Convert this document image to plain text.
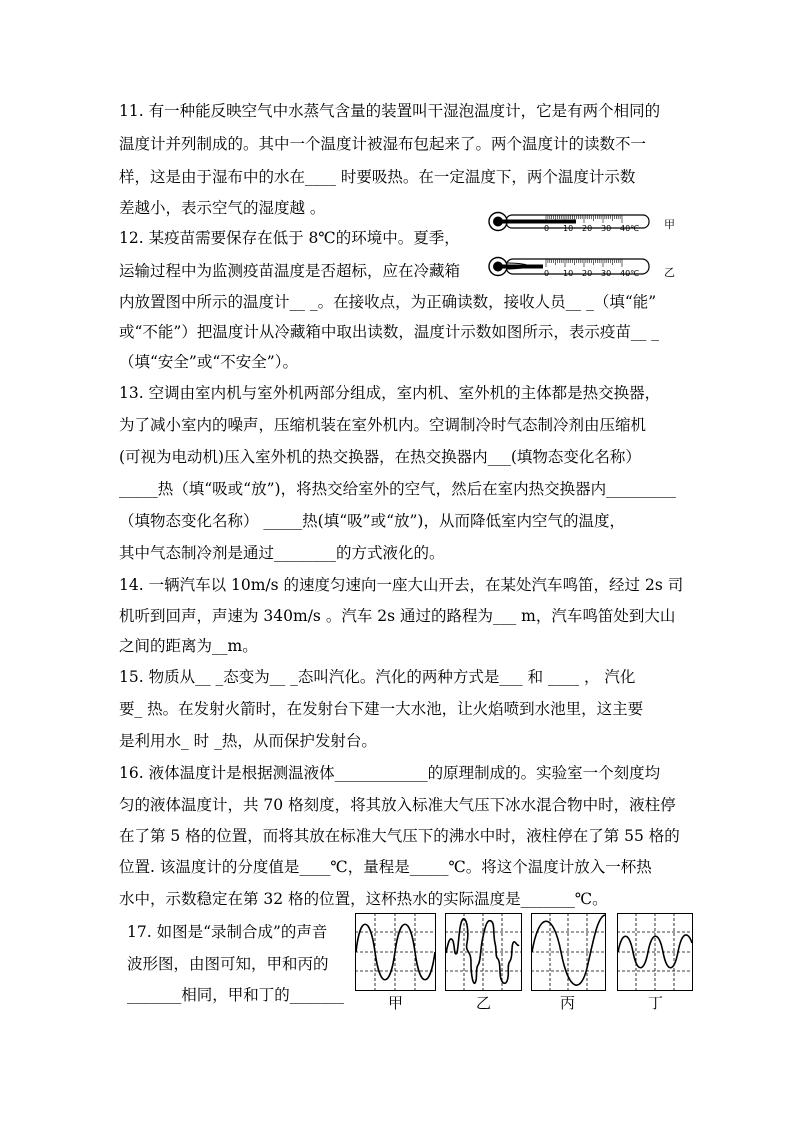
11. 有一种能反映空气中水蒸气含量的装置叫干湿泡温度计，它是有两个相同的
温度计并列制成的。其中一个温度计被湿布包起来了。两个温度计的读数不一
样，这是由于湿布中的水在____ 时要吸热。在一定温度下，两个温度计示数
差越小，表示空气的湿度越 。
12. 某疫苗需要保存在低于 8℃的环境中。夏季，
运输过程中为监测疫苗温度是否超标，应在冷藏箱
内放置图中所示的温度计__ _。在接收点，为正确读数，接收人员__ _（填“能”
或“不能”）把温度计从冷藏箱中取出读数，温度计示数如图所示，表示疫苗__ _
（填“安全”或“不安全”）。
0 10 20 30 40℃ 甲
0 10 20 30 40℃ 乙
13. 空调由室内机与室外机两部分组成，室内机、室外机的主体都是热交换器，
为了减小室内的噪声，压缩机装在室外机内。空调制冷时气态制冷剂由压缩机
(可视为电动机)压入室外机的热交换器，在热交换器内___(填物态变化名称）
_____热（填“吸或“放”)，将热交给室外的空气，然后在室内热交换器内_________
（填物态变化名称） _____热(填“吸”或“放”)，从而降低室内空气的温度，
其中气态制冷剂是通过________的方式液化的。
14. 一辆汽车以 10m/s 的速度匀速向一座大山开去，在某处汽车鸣笛，经过 2s 司
机听到回声，声速为 340m/s 。汽车 2s 通过的路程为___ m，汽车鸣笛处到大山
之间的距离为__m。
15. 物质从__ _态变为__ _态叫汽化。汽化的两种方式是___ 和 ____ ， 汽化
要_ 热。在发射火箭时，在发射台下建一大水池，让火焰喷到水池里，这主要
是利用水_ 时 _热，从而保护发射台。
16. 液体温度计是根据测温液体____________的原理制成的。实验室一个刻度均
匀的液体温度计，共 70 格刻度，将其放入标准大气压下冰水混合物中时，液柱停
在了第 5 格的位置，而将其放在标准大气压下的沸水中时，液柱停在了第 55 格的
位置. 该温度计的分度值是____℃，量程是_____℃。将这个温度计放入一杯热
水中，示数稳定在第 32 格的位置，这杯热水的实际温度是_______℃。
17. 如图是“录制合成”的声音
波形图，由图可知，甲和丙的
_______相同，甲和丁的_______	甲	乙	丙	丁
